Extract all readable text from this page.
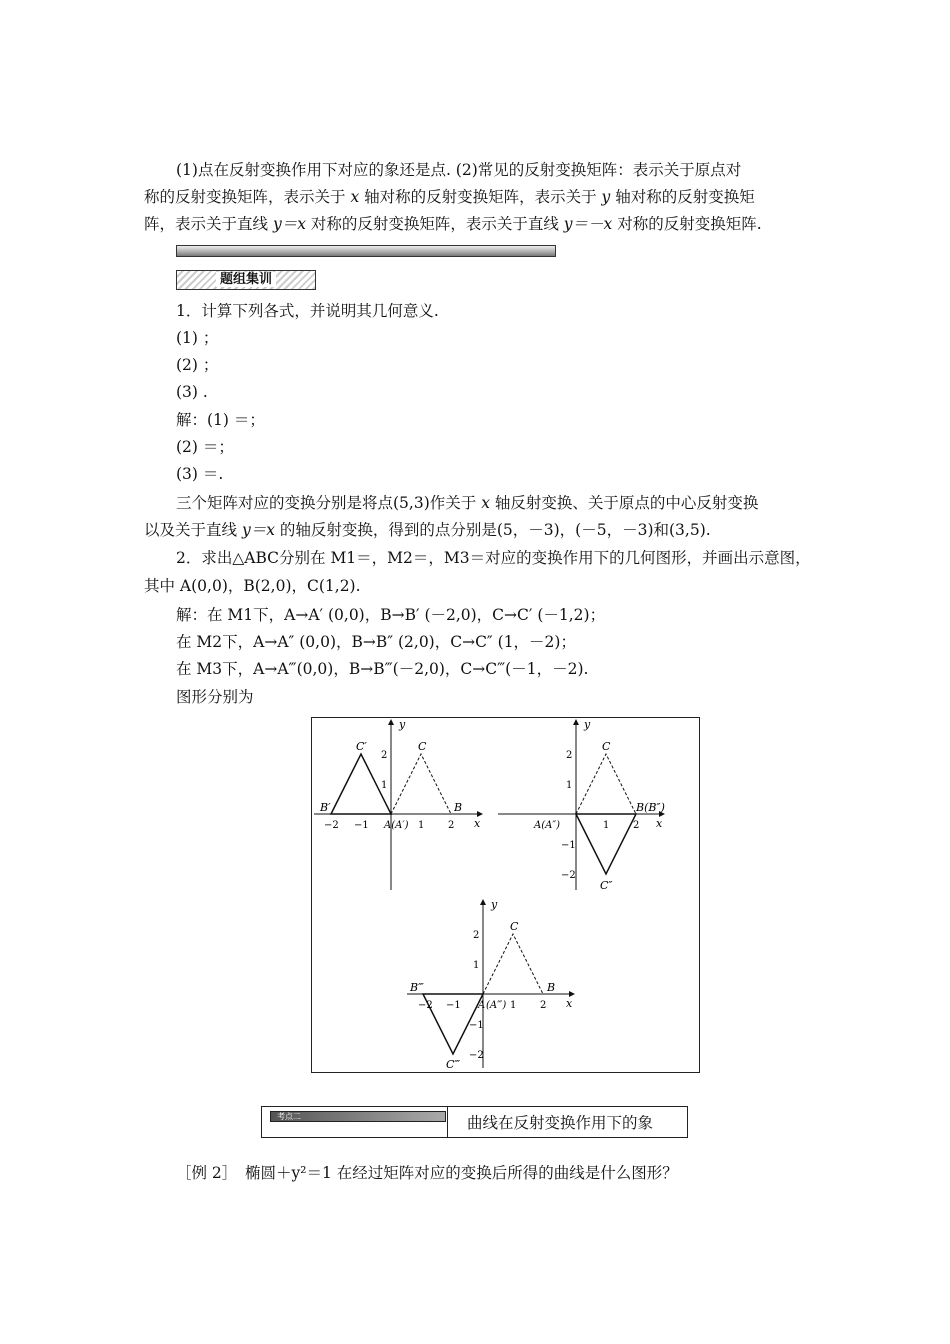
(1)点在反射变换作用下对应的象还是点. (2)常见的反射变换矩阵：表示关于原点对
称的反射变换矩阵，表示关于 x 轴对称的反射变换矩阵，表示关于 y 轴对称的反射变换矩
阵，表示关于直线 y＝x 对称的反射变换矩阵，表示关于直线 y＝－x 对称的反射变换矩阵.
题组集训
1．计算下列各式，并说明其几何意义.
(1) ；
(2) ；
(3) .
解：(1) ＝；
(2) ＝；
(3) ＝.
三个矩阵对应的变换分别是将点(5,3)作关于 x 轴反射变换、关于原点的中心反射变换
以及关于直线 y＝x 的轴反射变换，得到的点分别是(5，－3)，(－5，－3)和(3,5).
2．求出△ABC分别在 M1＝，M2＝，M3＝对应的变换作用下的几何图形，并画出示意图，
其中 A(0,0)，B(2,0)，C(1,2).
解：在 M1下，A→A′ (0,0)，B→B′ (－2,0)，C→C′ (－1,2)；
在 M2下，A→A″ (0,0)，B→B″ (2,0)，C→C″ (1，－2)；
在 M3下，A→A‴(0,0)，B→B‴(－2,0)，C→C‴(－1，－2).
图形分别为
y
x
C′	C
B′	B
A(A′)
−2 −1	1 2
2
1
y
x
C
B(B″)
A(A″)
C″
1 2
2
1
−1
−2
y
x
C
B‴	B
A (A‴)
C‴
−2 −1	1 2
2
1
−1
−2
考点二	曲线在反射变换作用下的象
［例 2］　椭圆＋y²＝1 在经过矩阵对应的变换后所得的曲线是什么图形？
